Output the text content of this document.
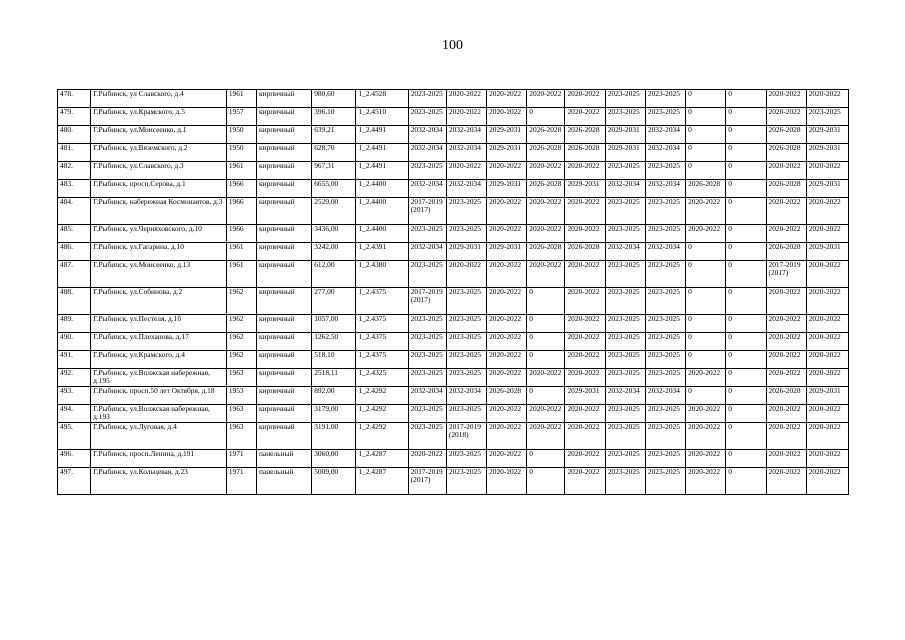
100
478.	Г.Рыбинск, ул Славского, д.4	1961	кирпичный	980,60	1_2.4528	2023-2025	2020-2022	2020-2022	2020-2022	2020-2022	2023-2025	2023-2025	0	0	2020-2022	2020-2022
479.	Г.Рыбинск, ул.Крамского, д.5	1957	кирпичный	396,10	1_2.4510	2023-2025	2020-2022	2020-2022	0	2020-2022	2023-2025	2023-2025	0	0	2020-2022	2023-2025
480.	Г.Рыбинск, ул.Моисеенко, д.1	1950	кирпичный	639,21	1_2.4491	2032-2034	2032-2034	2029-2031	2026-2028	2026-2028	2029-2031	2032-2034	0	0	2026-2028	2029-2031
481.	Г.Рыбинск, ул.Вяземского, д.2	1950	кирпичный	628,70	1_2.4491	2032-2034	2032-2034	2029-2031	2026-2028	2026-2028	2029-2031	2032-2034	0	0	2026-2028	2029-2031
482.	Г.Рыбинск, ул.Славского, д.3	1961	кирпичный	967,31	1_2.4491	2023-2025	2020-2022	2020-2022	2020-2022	2020-2022	2023-2025	2023-2025	0	0	2020-2022	2020-2022
483.	Г.Рыбинск, просп.Серова, д.1	1966	кирпичный	6655,00	1_2.4400	2032-2034	2032-2034	2029-2031	2026-2028	2029-2031	2032-2034	2032-2034	2026-2028	0	2026-2028	2029-2031
484.	Г.Рыбинск, набережная Космонавтов, д.3	1966	кирпичный	2529,00	1_2.4400	2017-2019 (2017)	2023-2025	2020-2022	2020-2022	2020-2022	2023-2025	2023-2025	2020-2022	0	2020-2022	2020-2022
485.	Г.Рыбинск, ул.Черняховского, д.10	1966	кирпичный	3436,00	1_2.4400	2023-2025	2023-2025	2020-2022	2020-2022	2020-2022	2023-2025	2023-2025	2020-2022	0	2020-2022	2020-2022
486.	Г.Рыбинск, ул.Гагарина, д.10	1961	кирпичный	3242,00	1_2.4391	2032-2034	2029-2031	2029-2031	2026-2028	2026-2028	2032-2034	2032-2034	0	0	2026-2028	2029-2031
487.	Г.Рыбинск, ул.Моисеенко, д.13	1961	кирпичный	612,00	1_2.4380	2023-2025	2020-2022	2020-2022	2020-2022	2020-2022	2023-2025	2023-2025	0	0	2017-2019 (2017)	2020-2022
488.	Г.Рыбинск, ул.Собинова, д.2	1962	кирпичный	277,00	1_2.4375	2017-2019 (2017)	2023-2025	2020-2022	0	2020-2022	2023-2025	2023-2025	0	0	2020-2022	2020-2022
489.	Г.Рыбинск, ул.Пестеля, д.1б	1962	кирпичный	1057,00	1_2.4375	2023-2025	2023-2025	2020-2022	0	2020-2022	2023-2025	2023-2025	0	0	2020-2022	2020-2022
490.	Г.Рыбинск, ул.Плеханова, д.17	1962	кирпичный	1262,50	1_2.4375	2023-2025	2023-2025	2020-2022	0	2020-2022	2023-2025	2023-2025	0	0	2020-2022	2020-2022
491.	Г.Рыбинск, ул.Крамского, д.4	1962	кирпичный	518,10	1_2.4375	2023-2025	2023-2025	2020-2022	0	2020-2022	2023-2025	2023-2025	0	0	2020-2022	2020-2022
492.	Г.Рыбинск, ул.Волжская набережная, д.195	1963	кирпичный	2518,11	1_2.4325	2023-2025	2023-2025	2020-2022	2020-2022	2020-2022	2023-2025	2023-2025	2020-2022	0	2020-2022	2020-2022
493.	Г.Рыбинск, просп.50 лет Октября, д.18	1953	кирпичный	892,00	1_2.4292	2032-2034	2032-2034	2026-2028	0	2029-2031	2032-2034	2032-2034	0	0	2026-2028	2029-2031
494.	Г.Рыбинск, ул.Волжская набережная, д.193	1963	кирпичный	3179,00	1_2.4292	2023-2025	2023-2025	2020-2022	2020-2022	2020-2022	2023-2025	2023-2025	2020-2022	0	2020-2022	2020-2022
495.	Г.Рыбинск, ул.Луговая, д.4	1963	кирпичный	3191,00	1_2.4292	2023-2025	2017-2019 (2018)	2020-2022	2020-2022	2020-2022	2023-2025	2023-2025	2020-2022	0	2020-2022	2020-2022
496.	Г.Рыбинск, просп.Ленина, д.191	1971	панельный	3060,00	1_2.4287	2020-2022	2023-2025	2020-2022	0	2020-2022	2023-2025	2023-2025	2020-2022	0	2020-2022	2020-2022
497.	Г.Рыбинск, ул.Кольцевая, д.23	1971	панельный	5009,00	1_2.4287	2017-2019 (2017)	2023-2025	2020-2022	0	2020-2022	2023-2025	2023-2025	2020-2022	0	2020-2022	2020-2022
